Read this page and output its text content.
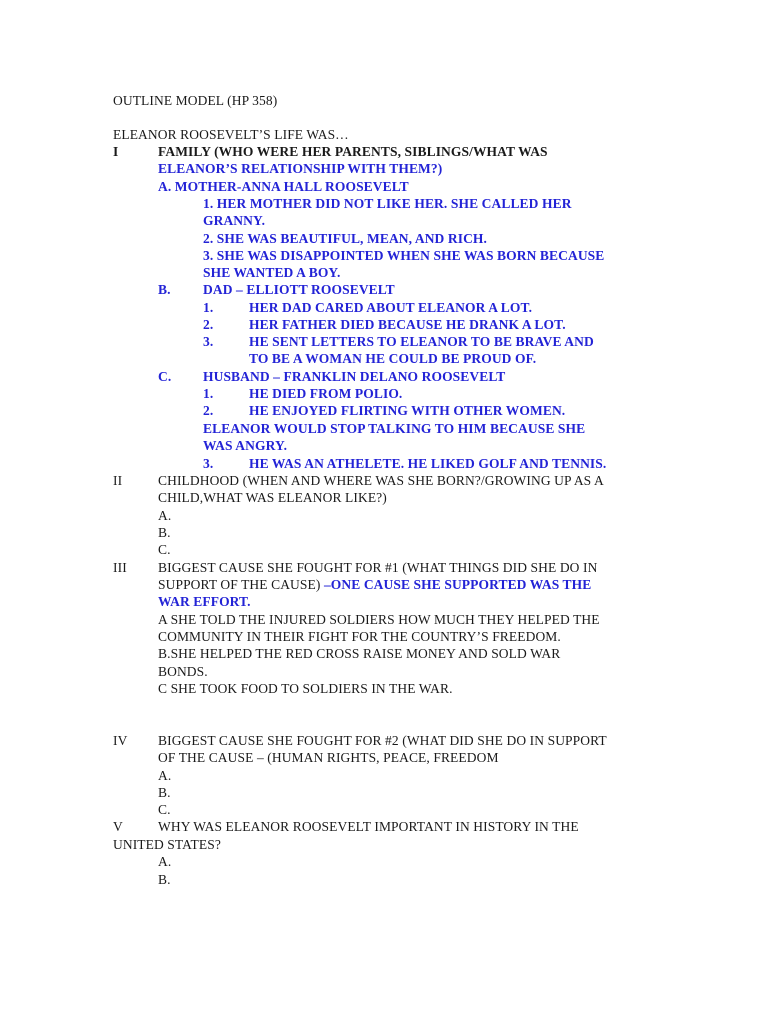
OUTLINE MODEL (HP 358)
ELEANOR ROOSEVELT’S LIFE WAS…
I	FAMILY (WHO WERE HER PARENTS, SIBLINGS/WHAT WAS
ELEANOR’S RELATIONSHIP WITH THEM?)
A. MOTHER-ANNA HALL ROOSEVELT
1. HER MOTHER DID NOT LIKE HER. SHE CALLED HER
GRANNY.
2. SHE WAS BEAUTIFUL, MEAN, AND RICH.
3. SHE WAS DISAPPOINTED WHEN SHE WAS BORN BECAUSE
SHE WANTED A BOY.
B. DAD – ELLIOTT ROOSEVELT
1.	HER DAD CARED ABOUT ELEANOR A LOT.
2.	HER FATHER DIED BECAUSE HE DRANK A LOT.
3.	HE SENT LETTERS TO ELEANOR TO BE BRAVE AND
TO BE A WOMAN HE COULD BE PROUD OF.
C. HUSBAND – FRANKLIN DELANO ROOSEVELT
1.	HE DIED FROM POLIO.
2.	HE ENJOYED FLIRTING WITH OTHER WOMEN.
ELEANOR WOULD STOP TALKING TO HIM BECAUSE SHE
WAS ANGRY.
3.	HE WAS AN ATHELETE. HE LIKED GOLF AND TENNIS.
II	CHILDHOOD (WHEN AND WHERE WAS SHE BORN?/GROWING UP AS A
CHILD,WHAT WAS ELEANOR LIKE?)
A.
B.
C.
III BIGGEST CAUSE SHE FOUGHT FOR #1 (WHAT THINGS DID SHE DO IN
SUPPORT OF THE CAUSE) –ONE CAUSE SHE SUPPORTED WAS THE
WAR EFFORT.
A SHE TOLD THE INJURED SOLDIERS HOW MUCH THEY HELPED THE
COMMUNITY IN THEIR FIGHT FOR THE COUNTRY’S FREEDOM.
B.SHE HELPED THE RED CROSS RAISE MONEY AND SOLD WAR
BONDS.
C SHE TOOK FOOD TO SOLDIERS IN THE WAR.
IV BIGGEST CAUSE SHE FOUGHT FOR #2 (WHAT DID SHE DO IN SUPPORT
OF THE CAUSE – (HUMAN RIGHTS, PEACE, FREEDOM
A.
B.
C.
V	WHY WAS ELEANOR ROOSEVELT IMPORTANT IN HISTORY IN THE
UNITED STATES?
A.
B.
